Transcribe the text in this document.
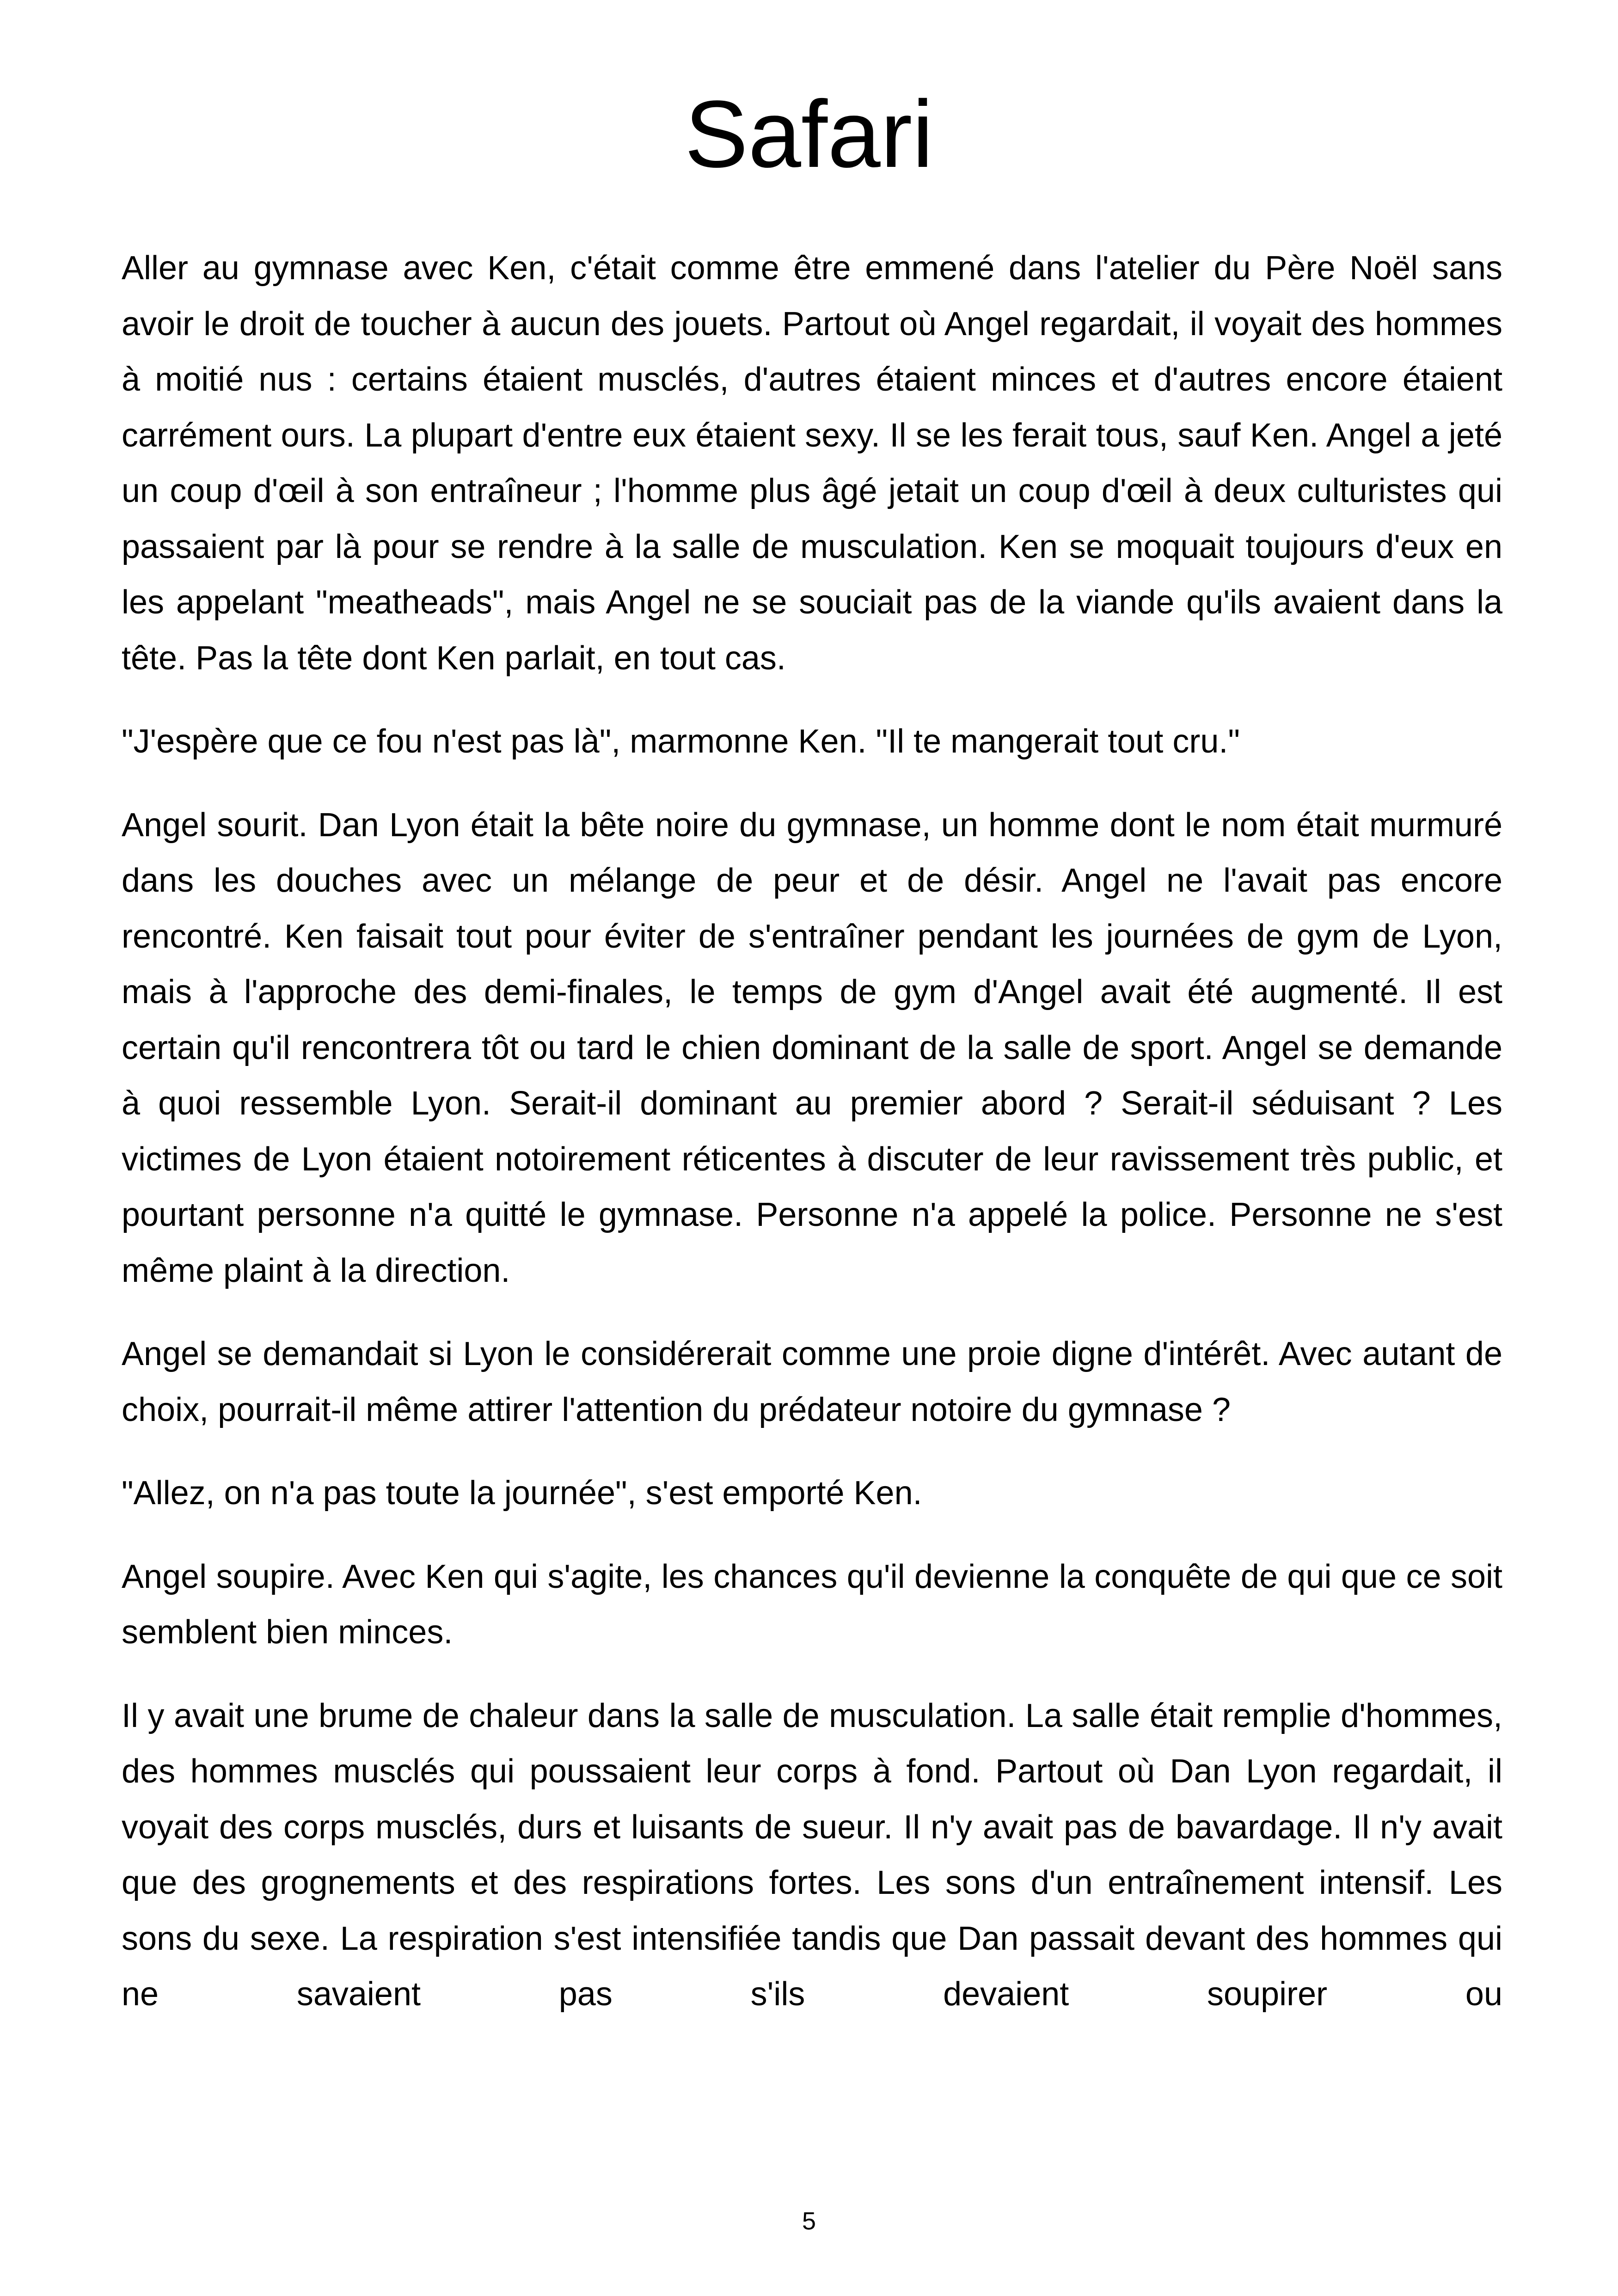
Safari

Aller au gymnase avec Ken, c'était comme être emmené dans l'atelier du Père Noël sans avoir le droit de toucher à aucun des jouets. Partout où Angel regardait, il voyait des hommes à moitié nus : certains étaient musclés, d'autres étaient minces et d'autres encore étaient carrément ours. La plupart d'entre eux étaient sexy. Il se les ferait tous, sauf Ken. Angel a jeté un coup d'œil à son entraîneur ; l'homme plus âgé jetait un coup d'œil à deux culturistes qui passaient par là pour se rendre à la salle de musculation. Ken se moquait toujours d'eux en les appelant "meatheads", mais Angel ne se souciait pas de la viande qu'ils avaient dans la tête. Pas la tête dont Ken parlait, en tout cas.

"J'espère que ce fou n'est pas là", marmonne Ken. "Il te mangerait tout cru."

Angel sourit. Dan Lyon était la bête noire du gymnase, un homme dont le nom était murmuré dans les douches avec un mélange de peur et de désir. Angel ne l'avait pas encore rencontré. Ken faisait tout pour éviter de s'entraîner pendant les journées de gym de Lyon, mais à l'approche des demi-finales, le temps de gym d'Angel avait été augmenté. Il est certain qu'il rencontrera tôt ou tard le chien dominant de la salle de sport. Angel se demande à quoi ressemble Lyon. Serait-il dominant au premier abord ? Serait-il séduisant ? Les victimes de Lyon étaient notoirement réticentes à discuter de leur ravissement très public, et pourtant personne n'a quitté le gymnase. Personne n'a appelé la police. Personne ne s'est même plaint à la direction.

Angel se demandait si Lyon le considérerait comme une proie digne d'intérêt. Avec autant de choix, pourrait-il même attirer l'attention du prédateur notoire du gymnase ?

"Allez, on n'a pas toute la journée", s'est emporté Ken.

Angel soupire. Avec Ken qui s'agite, les chances qu'il devienne la conquête de qui que ce soit semblent bien minces.

Il y avait une brume de chaleur dans la salle de musculation. La salle était remplie d'hommes, des hommes musclés qui poussaient leur corps à fond. Partout où Dan Lyon regardait, il voyait des corps musclés, durs et luisants de sueur. Il n'y avait pas de bavardage. Il n'y avait que des grognements et des respirations fortes. Les sons d'un entraînement intensif. Les sons du sexe. La respiration s'est intensifiée tandis que Dan passait devant des hommes qui ne savaient pas s'ils devaient soupirer ou

5
